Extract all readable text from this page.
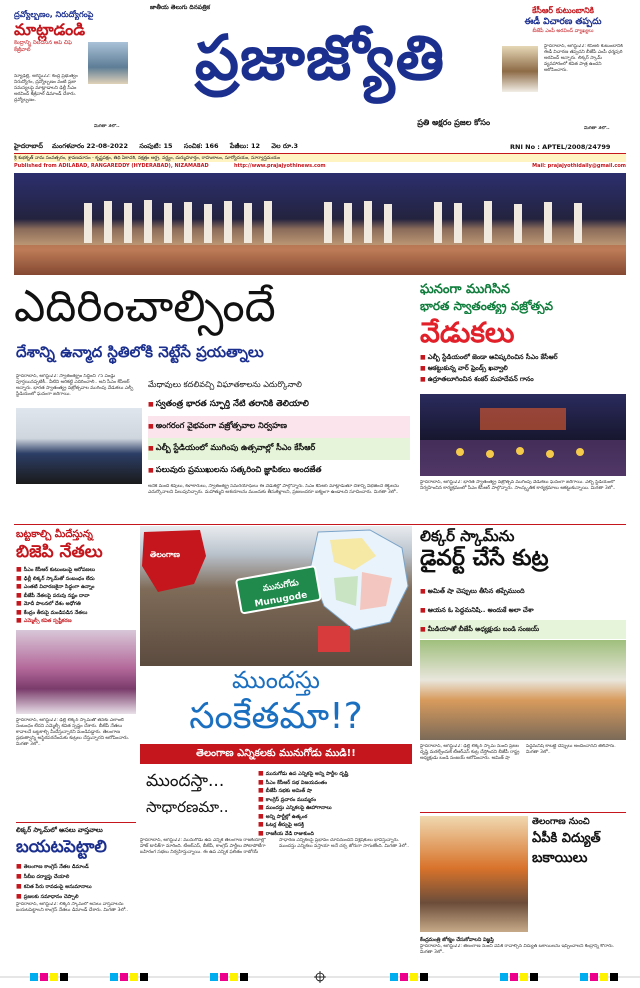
ద్రవ్యోల్బణం, నిరుద్యోగంపై
మాట్లాడండి
కేంద్రాన్ని నిలదీసిన ఆప్ చీఫ్ కేజ్రీవాల్
న్యూఢిల్లీ, ఆగస్టు22: కేంద్ర ప్రభుత్వం నిరుద్యోగం, ద్రవ్యోల్బణం వంటి ప్రజా సమస్యలపై మాట్లాడాలని ఢిల్లీ సీఎం అరవింద్ కేజ్రీవాల్ డిమాండ్ చేశారు. ద్రవ్యోల్బణం.
మిగతా 3లో..
జాతీయ తెలుగు దినపత్రిక
ప్రజాజ్యోతి
ప్రతి అక్షరం ప్రజల కోసం
కేసీఆర్ కుటుంబానికి
ఈడీ విచారణ తప్పదు
బీజేపీ ఎంపీ అరవింద్ వ్యాఖ్యలు
హైదరాబాద్, ఆగస్టు22: కేసీఆర్ కుటుంబానికి ఈడీ విచారణ తప్పదని బీజేపీ ఎంపీ ధర్మపురి అరవింద్ అన్నారు. లిక్కర్ స్కామ్ వ్యవహారంలో కవిత పాత్ర ఉందని ఆరోపించారు.
మిగతా 3లో..
RNI No : APTEL/2008/24799
హైదరాబాద్ మంగళవారం 22-08-2022 సంపుటి: 15 సంచిక: 166 పేజీలు: 12 వెల రూ.3
శ్రీ శుభకృత్ నామ సంవత్సరం, శ్రావణమాసం - కృష్ణపక్షం, తిథి ఏకాదశి, నక్షత్రం ఆర్ద్ర, వర్జ్యం, దుర్ముహూర్తం, రాహుకాలం, సూర్యోదయం, సూర్యాస్తమయం
Published from ADILABAD, RANGAREDDY (HYDERABAD), NIZAMABAD	http://www.prajajyothinews.com	Mail: prajajyothidaily@gmail.com
ఎదిరించాల్సిందే
దేశాన్ని ఉన్మాద స్థితిలోకి నెట్టేసే ప్రయత్నాలు
హైదరాబాద్, ఆగస్టు22: స్వాతంత్య్రం సిద్ధించి 75 ఏండ్లు పూర్తయినప్పటికీ.. వీటిని అరికట్టి ఎదిరించాలి.. అని సీఎం కేసీఆర్ అన్నారు. భారత స్వాతంత్య్ర వజ్రోత్సవాల ముగింపు వేడుకలు ఎల్బీ స్టేడియంలో ఘనంగా జరిగాయి.
మేధావులు కదలివచ్చి విఘాతకాలను ఎదుర్కొనాలి
■ స్వతంత్ర భారత స్ఫూర్తి నేటి తరానికి తెలియాలి
■ అంగరంగ వైభవంగా వజ్రోత్సవాల నిర్వహణ
■ ఎల్బీ స్టేడియంలో ముగింపు ఉత్సవాల్లో సీఎం కేసీఆర్
■ పలువురు ప్రముఖులను సత్కరించి జ్ఞాపికలు అందజేత
అనేక మంది కవులు, కళాకారులు, స్వాతంత్య్ర సమరయోధులు ఈ వేడుకల్లో పాల్గొన్నారు. సీఎం కేసీఆర్ మాట్లాడుతూ దేశాన్ని విభజించే శక్తులను ఎదుర్కొనాలని పిలుపునిచ్చారు. మహాత్ముని ఆశయాలను ముందుకు తీసుకెళ్లాలని, ప్రజలందరూ ఐక్యంగా ఉండాలని సూచించారు. మిగతా 3లో..
ఘనంగా ముగిసిన
భారత స్వాతంత్య్ర వజ్రోత్సవ
వేడుకలు
■ ఎల్బీ స్టేడియంలో జెండా ఆవిష్కరించిన సీఎం కేసీఆర్
■ ఆకట్టుకున్న వార్ ఫ్రెండ్స్ ఖవ్వాలి
■ ఉర్రూతలూగించిన శంకర్ మహదేవన్ గానం
హైదరాబాద్, ఆగస్టు22: భారత స్వాతంత్య్ర వజ్రోత్సవ ముగింపు వేడుకలు ఘనంగా జరిగాయి. ఎల్బీ స్టేడియంలో నిర్వహించిన కార్యక్రమంలో సీఎం కేసీఆర్ పాల్గొన్నారు. సాంస్కృతిక కార్యక్రమాలు ఆకట్టుకున్నాయి. మిగతా 3లో..
బట్టకాల్చి మీదేస్తున్న
బిజెపి నేతలు
■ సీఎం కేసీఆర్ కుటుంబంపై ఆరోపణలు
■ ఢిల్లీ లిక్కర్ స్కామ్‌తో సంబంధం లేదు
■ ఎంతటి విచారణకైనా సిద్ధంగా ఉన్నాం
■ బీజేపీ నేతలపై పరువు నష్టం దావా
■ మోదీ పాలనలో దేశం అధోగతి
■ కేంద్రం తీరుపై మండిపడిన నేతలు
■ ఎమ్మెల్సీ కవిత స్పష్టీకరణ
హైదరాబాద్, ఆగస్టు22: ఢిల్లీ లిక్కర్ స్కామ్‌తో తనకు ఎలాంటి సంబంధం లేదని ఎమ్మెల్సీ కవిత స్పష్టం చేశారు. బీజేపీ నేతలు కావాలనే బట్టకాల్చి మీదేస్తున్నారని మండిపడ్డారు. తెలంగాణ ప్రభుత్వాన్ని అస్థిరపరచేందుకు కుట్రలు చేస్తున్నారని ఆరోపించారు. మిగతా 3లో..
లిక్కర్ స్కామ్‌లో అసలు వాస్తవాలు
బయటపెట్టాలి
■ తెలంగాణ కాంగ్రెస్ నేతల డిమాండ్
■ సీబీఐ దర్యాప్తు చేయాలి
■ కవిత పేరు రావడంపై అనుమానాలు
■ ప్రజలకు సమాధానం చెప్పాలి
హైదరాబాద్, ఆగస్టు22: లిక్కర్ స్కామ్‌లో అసలు వాస్తవాలను బయటపెట్టాలని కాంగ్రెస్ నేతలు డిమాండ్ చేశారు. మిగతా 3లో..
తెలంగాణ
మునుగోడు
Munugode
ముందస్తు
సంకేతమా!?
తెలంగాణ ఎన్నికలకు మునుగోడు ముడి!!
ముందస్తా...
సాధారణమా..
■ మునుగోడు ఉప ఎన్నికపై అన్ని పార్టీల దృష్టి
■ సీఎం కేసీఆర్ సభ విజయవంతం
■ బీజేపీ సభకు అమిత్ షా
■ కాంగ్రెస్ ప్రచారం ముమ్మరం
■ ముందస్తు ఎన్నికలపై ఊహాగానాలు
■ అన్ని పార్టీల్లో ఉత్కంఠ
■ ఓటర్ల తీర్పుపై ఆసక్తి
■ రాజకీయ వేడి రాజుకుంది
హైదరాబాద్, ఆగస్టు22: మునుగోడు ఉప ఎన్నిక తెలంగాణ రాజకీయాల్లో హాట్ టాపిక్‌గా మారింది. టీఆర్‌ఎస్, బీజేపీ, కాంగ్రెస్ పార్టీలు పోటాపోటీగా బహిరంగ సభలు నిర్వహిస్తున్నాయి. ఈ ఉప ఎన్నిక ఫలితం రాబోయే సాధారణ ఎన్నికలపై ప్రభావం చూపనుందని విశ్లేషకులు భావిస్తున్నారు. ముందస్తు ఎన్నికలు వస్తాయా అనే చర్చ జోరుగా సాగుతోంది. మిగతా 3లో..
లిక్కర్ స్కామ్‌ను
డైవర్ట్ చేసే కుట్ర
■ అమిత్ షా చెప్పులు తీసిన తప్పేముంది
■ ఆయన ఓ పెద్దమనిషి.. అందుకే అలా చేశా
■ మీడియాతో బీజేపీ అధ్యక్షుడు బండి సంజయ్
హైదరాబాద్, ఆగస్టు22: ఢిల్లీ లిక్కర్ స్కామ్ నుంచి ప్రజల దృష్టి మరల్చేందుకే టీఆర్‌ఎస్ కుట్ర చేస్తోందని బీజేపీ రాష్ట్ర అధ్యక్షుడు బండి సంజయ్ ఆరోపించారు. అమిత్ షా పెద్దమనిషి కాబట్టే చెప్పులు అందించానని తెలిపారు. మిగతా 3లో..
తెలంగాణ నుంచి
ఏపీకి విద్యుత్
బకాయిలు
కేంద్రమంత్రి జోక్యం చేసుకోవాలని విజ్ఞప్తి
హైదరాబాద్, ఆగస్టు22: తెలంగాణ నుంచి ఏపీకి రావాల్సిన విద్యుత్ బకాయిలను ఇప్పించాలని కేంద్రాన్ని కోరారు. మిగతా 3లో..
